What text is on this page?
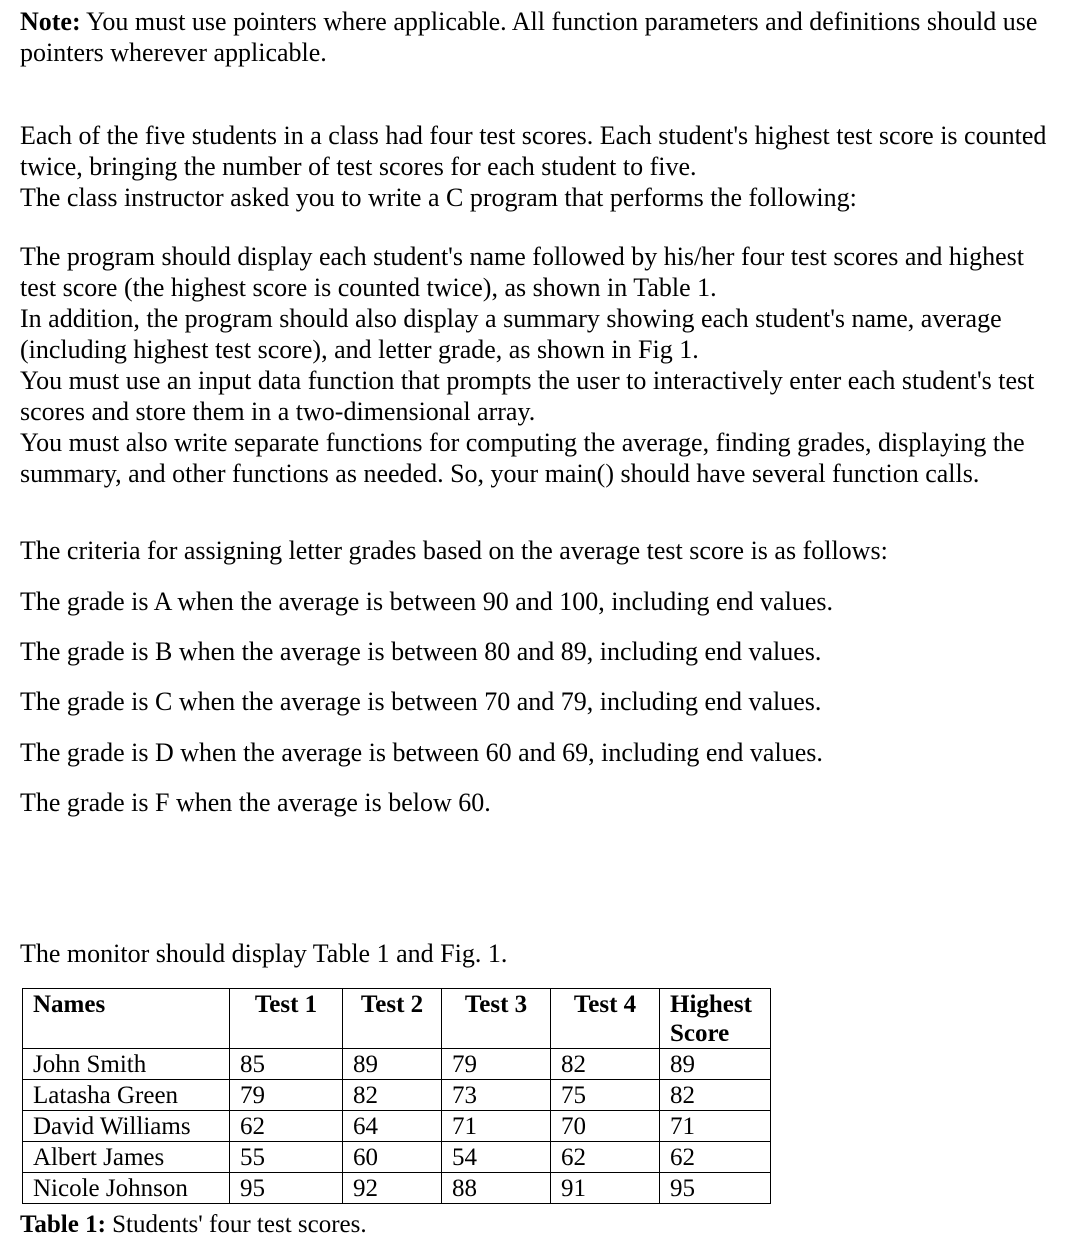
Note: You must use pointers where applicable. All function parameters and definitions should use pointers wherever applicable.

Each of the five students in a class had four test scores. Each student's highest test score is counted twice, bringing the number of test scores for each student to five.

The class instructor asked you to write a C program that performs the following:

The program should display each student's name followed by his/her four test scores and highest test score (the highest score is counted twice), as shown in Table 1.

In addition, the program should also display a summary showing each student's name, average (including highest test score), and letter grade, as shown in Fig 1.

You must use an input data function that prompts the user to interactively enter each student's test scores and store them in a two-dimensional array.

You must also write separate functions for computing the average, finding grades, displaying the summary, and other functions as needed. So, your main() should have several function calls.

The criteria for assigning letter grades based on the average test score is as follows:
The grade is A when the average is between 90 and 100, including end values.
The grade is B when the average is between 80 and 89, including end values.
The grade is C when the average is between 70 and 79, including end values.
The grade is D when the average is between 60 and 69, including end values.
The grade is F when the average is below 60.
The monitor should display Table 1 and Fig. 1.
Names	Test 1	Test 2	Test 3	Test 4	Highest Score
John Smith	85	89	79	82	89
Latasha Green	79	82	73	75	82
David Williams	62	64	71	70	71
Albert James	55	60	54	62	62
Nicole Johnson	95	92	88	91	95
Table 1: Students' four test scores.
